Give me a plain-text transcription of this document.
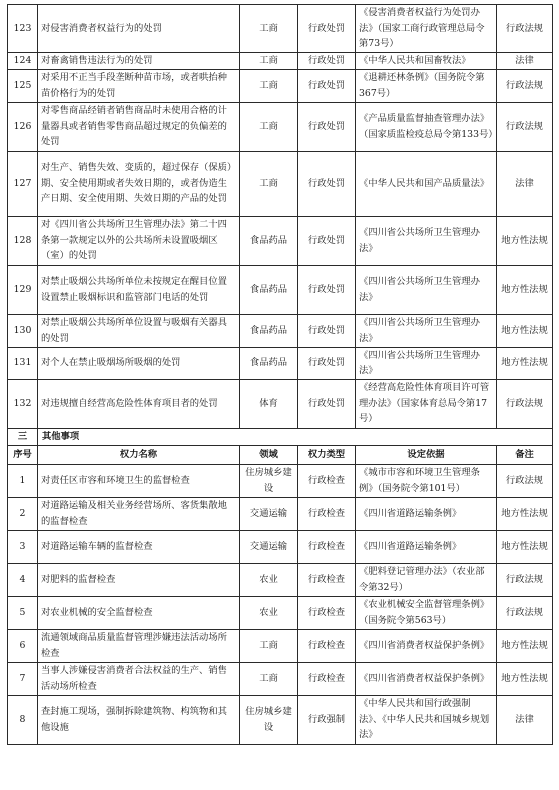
123	对侵害消费者权益行为的处罚	工商	行政处罚	《侵害消费者权益行为处罚办法》（国家工商行政管理总局令第73号）	行政法规
124	对畜禽销售违法行为的处罚	工商	行政处罚	《中华人民共和国畜牧法》	法律
125	对采用不正当手段垄断种苗市场，或者哄抬种苗价格行为的处罚	工商	行政处罚	《退耕还林条例》（国务院令第367号）	行政法规
126	对零售商品经销者销售商品时未使用合格的计量器具或者销售零售商品超过规定的负偏差的处罚	工商	行政处罚	《产品质量监督抽查管理办法》（国家质监检疫总局令第133号）	行政法规
127	对生产、销售失效、变质的，超过保存（保质）期、安全使用期或者失效日期的，或者伪造生产日期、安全使用期、失效日期的产品的处罚	工商	行政处罚	《中华人民共和国产品质量法》	法律
128	对《四川省公共场所卫生管理办法》第二十四条第一款规定以外的公共场所未设置吸烟区（室）的处罚	食品药品	行政处罚	《四川省公共场所卫生管理办法》	地方性法规
129	对禁止吸烟公共场所单位未按规定在醒目位置设置禁止吸烟标识和监管部门电话的处罚	食品药品	行政处罚	《四川省公共场所卫生管理办法》	地方性法规
130	对禁止吸烟公共场所单位设置与吸烟有关器具的处罚	食品药品	行政处罚	《四川省公共场所卫生管理办法》	地方性法规
131	对个人在禁止吸烟场所吸烟的处罚	食品药品	行政处罚	《四川省公共场所卫生管理办法》	地方性法规
132	对违规擅自经营高危险性体育项目者的处罚	体育	行政处罚	《经营高危险性体育项目许可管理办法》（国家体育总局令第17号）	行政法规
三	其他事项				
序号	权力名称	领域	权力类型	设定依据	备注
1	对责任区市容和环境卫生的监督检查	住房城乡建设	行政检查	《城市市容和环境卫生管理条例》（国务院令第101号）	行政法规
2	对道路运输及相关业务经营场所、客货集散地的监督检查	交通运输	行政检查	《四川省道路运输条例》	地方性法规
3	对道路运输车辆的监督检查	交通运输	行政检查	《四川省道路运输条例》	地方性法规
4	对肥料的监督检查	农业	行政检查	《肥料登记管理办法》（农业部令第32号）	行政法规
5	对农业机械的安全监督检查	农业	行政检查	《农业机械安全监督管理条例》（国务院令第563号）	行政法规
6	流通领域商品质量监督管理涉嫌违法活动场所检查	工商	行政检查	《四川省消费者权益保护条例》	地方性法规
7	当事人涉嫌侵害消费者合法权益的生产、销售活动场所检查	工商	行政检查	《四川省消费者权益保护条例》	地方性法规
8	查封施工现场，强制拆除建筑物、构筑物和其他设施	住房城乡建设	行政强制	《中华人民共和国行政强制法》、《中华人民共和国城乡规划法》	法律
